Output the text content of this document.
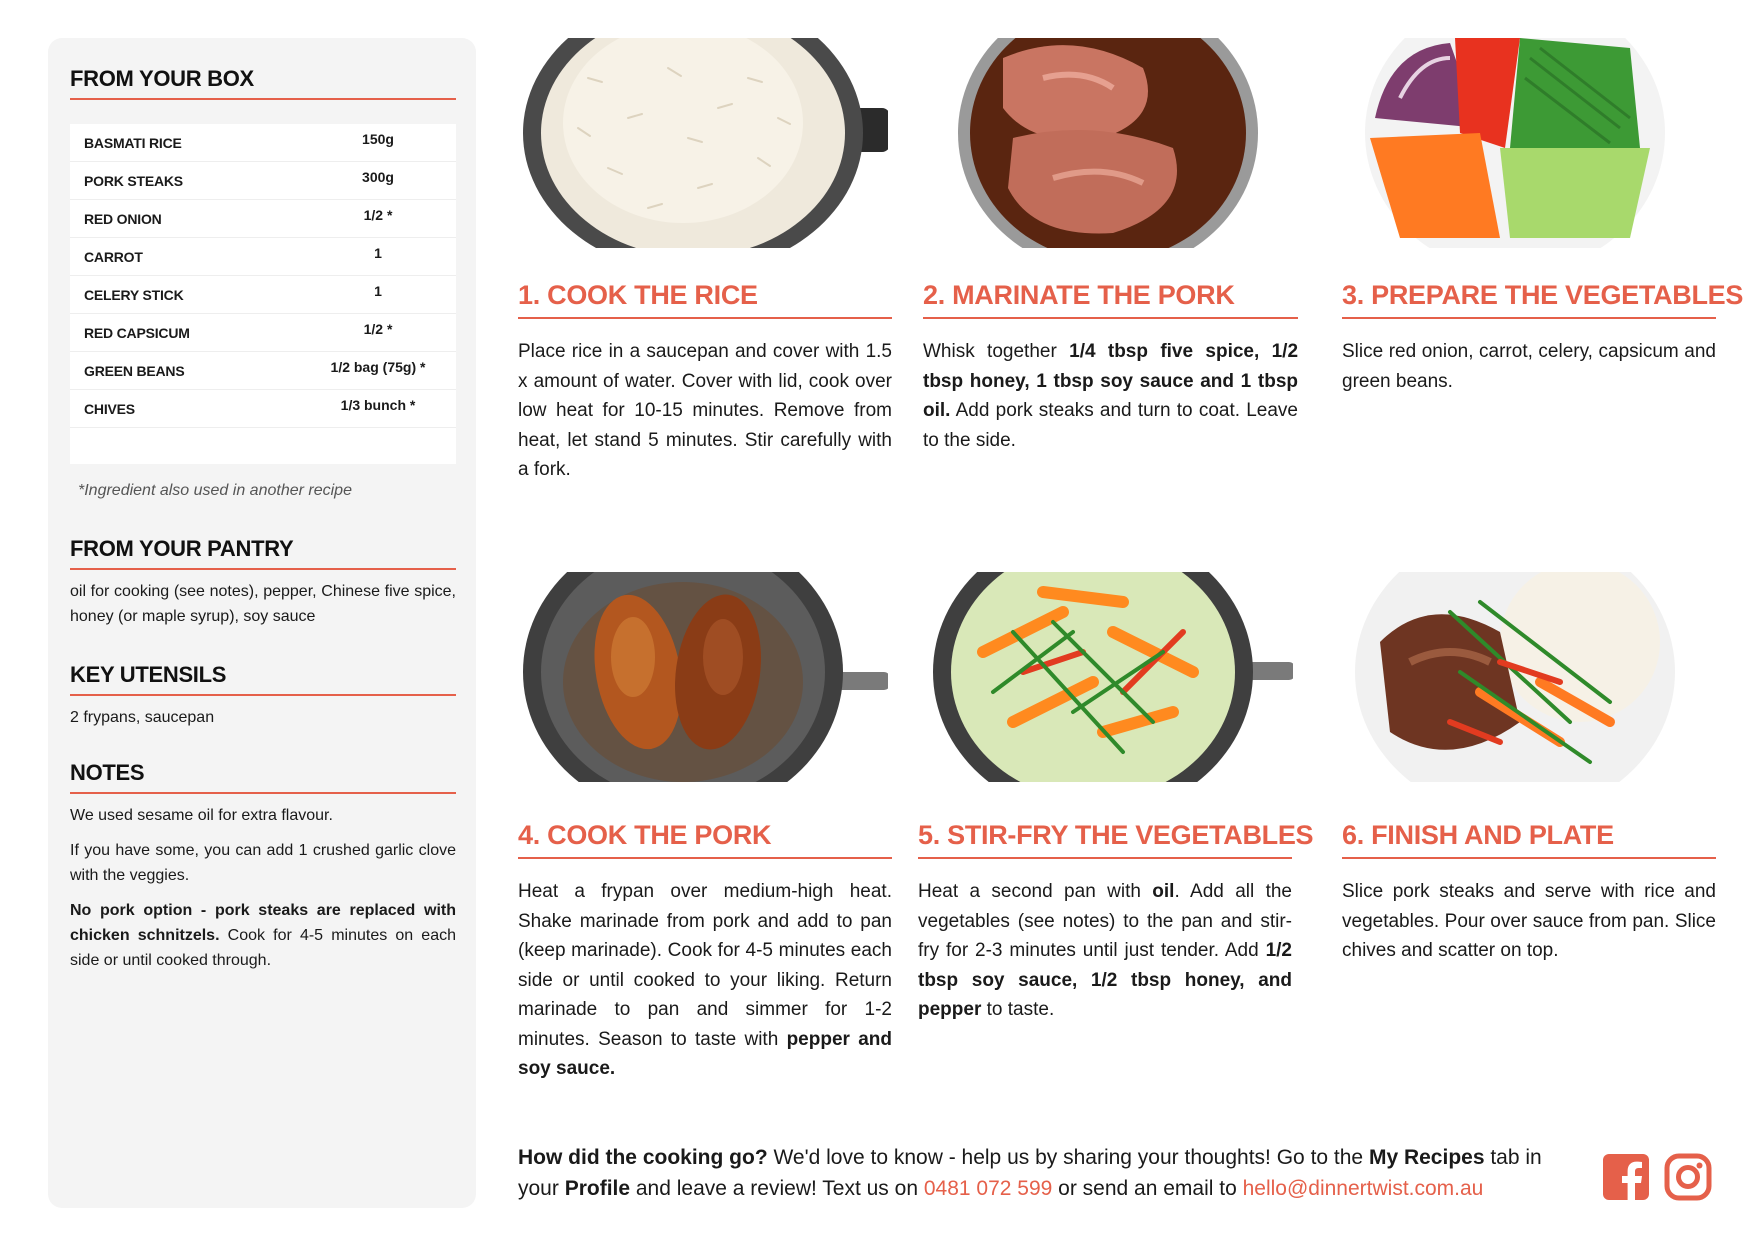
FROM YOUR BOX
BASMATI RICE	150g
PORK STEAKS	300g
RED ONION	1/2 *
CARROT	1
CELERY STICK	1
RED CAPSICUM	1/2 *
GREEN BEANS	1/2 bag (75g) *
CHIVES	1/3 bunch *
*Ingredient also used in another recipe
FROM YOUR PANTRY

oil for cooking (see notes), pepper, Chinese five spice, honey (or maple syrup), soy sauce

KEY UTENSILS

2 frypans, saucepan

NOTES

We used sesame oil for extra flavour.

If you have some, you can add 1 crushed garlic clove with the veggies.

No pork option - pork steaks are replaced with chicken schnitzels. Cook for 4-5 minutes on each side or until cooked through.

1. COOK THE RICE

Place rice in a saucepan and cover with 1.5 x amount of water. Cover with lid, cook over low heat for 10-15 minutes. Remove from heat, let stand 5 minutes. Stir carefully with a fork.

2. MARINATE THE PORK

Whisk together 1/4 tbsp five spice, 1/2 tbsp honey, 1 tbsp soy sauce and 1 tbsp oil. Add pork steaks and turn to coat. Leave to the side.

3. PREPARE THE VEGETABLES

Slice red onion, carrot, celery, capsicum and green beans.

4. COOK THE PORK

Heat a frypan over medium-high heat. Shake marinade from pork and add to pan (keep marinade). Cook for 4-5 minutes each side or until cooked to your liking. Return marinade to pan and simmer for 1-2 minutes. Season to taste with pepper and soy sauce.

5. STIR-FRY THE VEGETABLES

Heat a second pan with oil. Add all the vegetables (see notes) to the pan and stir-fry for 2-3 minutes until just tender. Add 1/2 tbsp soy sauce, 1/2 tbsp honey, and pepper to taste.

6. FINISH AND PLATE

Slice pork steaks and serve with rice and vegetables. Pour over sauce from pan. Slice chives and scatter on top.

How did the cooking go? We'd love to know - help us by sharing your thoughts! Go to the My Recipes tab in your Profile and leave a review! Text us on 0481 072 599 or send an email to hello@dinnertwist.com.au
